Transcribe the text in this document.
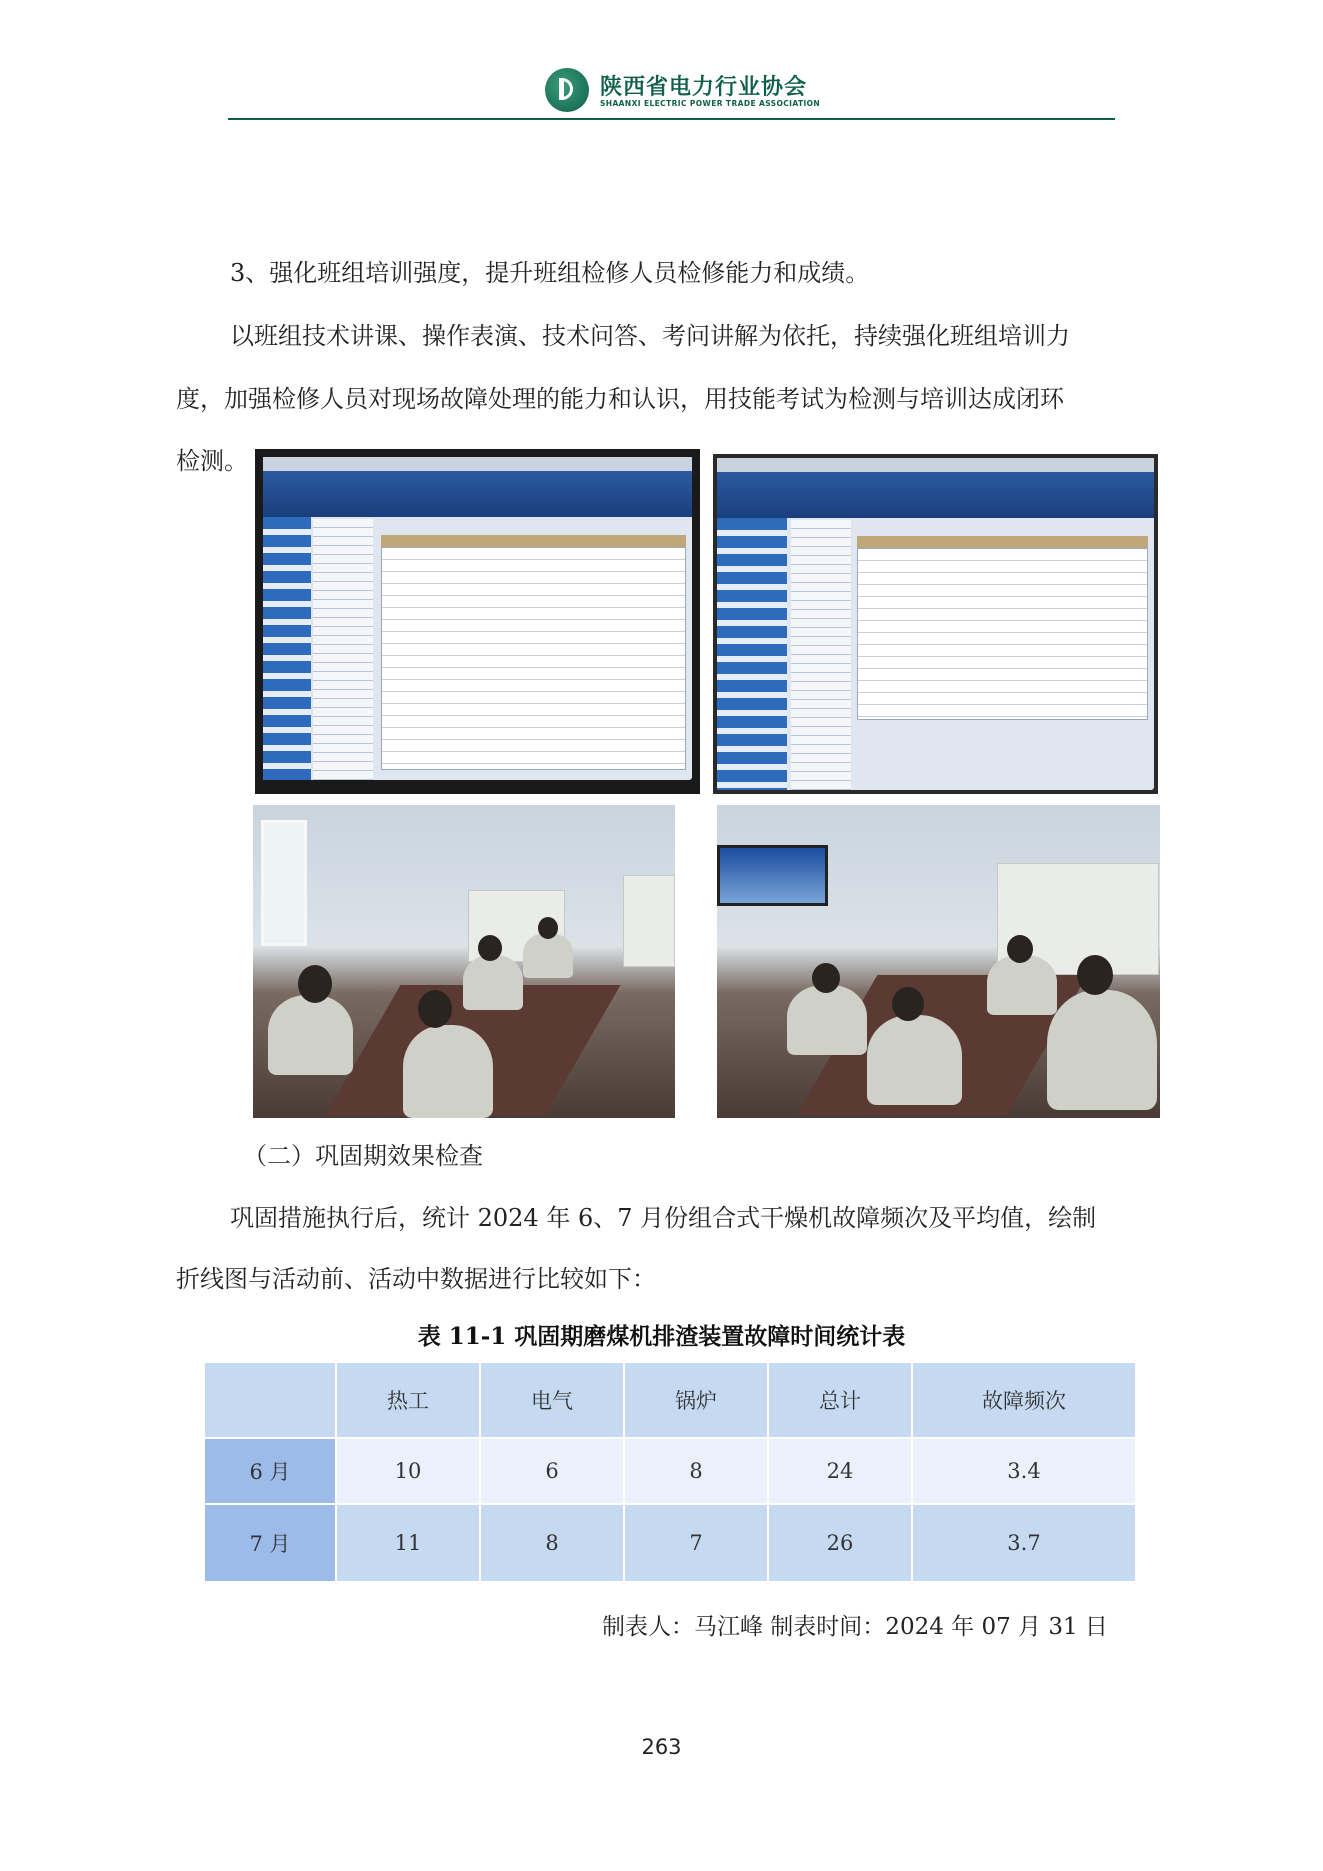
陕西省电力行业协会
SHAANXI ELECTRIC POWER TRADE ASSOCIATION
3、强化班组培训强度，提升班组检修人员检修能力和成绩。
以班组技术讲课、操作表演、技术问答、考问讲解为依托，持续强化班组培训力
度，加强检修人员对现场故障处理的能力和认识，用技能考试为检测与培训达成闭环
检测。
（二）巩固期效果检查
巩固措施执行后，统计 2024 年 6、7 月份组合式干燥机故障频次及平均值，绘制
折线图与活动前、活动中数据进行比较如下：
表 11-1 巩固期磨煤机排渣装置故障时间统计表
	热工	电气	锅炉	总计	故障频次
6 月	10	6	8	24	3.4
7 月	11	8	7	26	3.7
制表人：马江峰 制表时间：2024 年 07 月 31 日
263
